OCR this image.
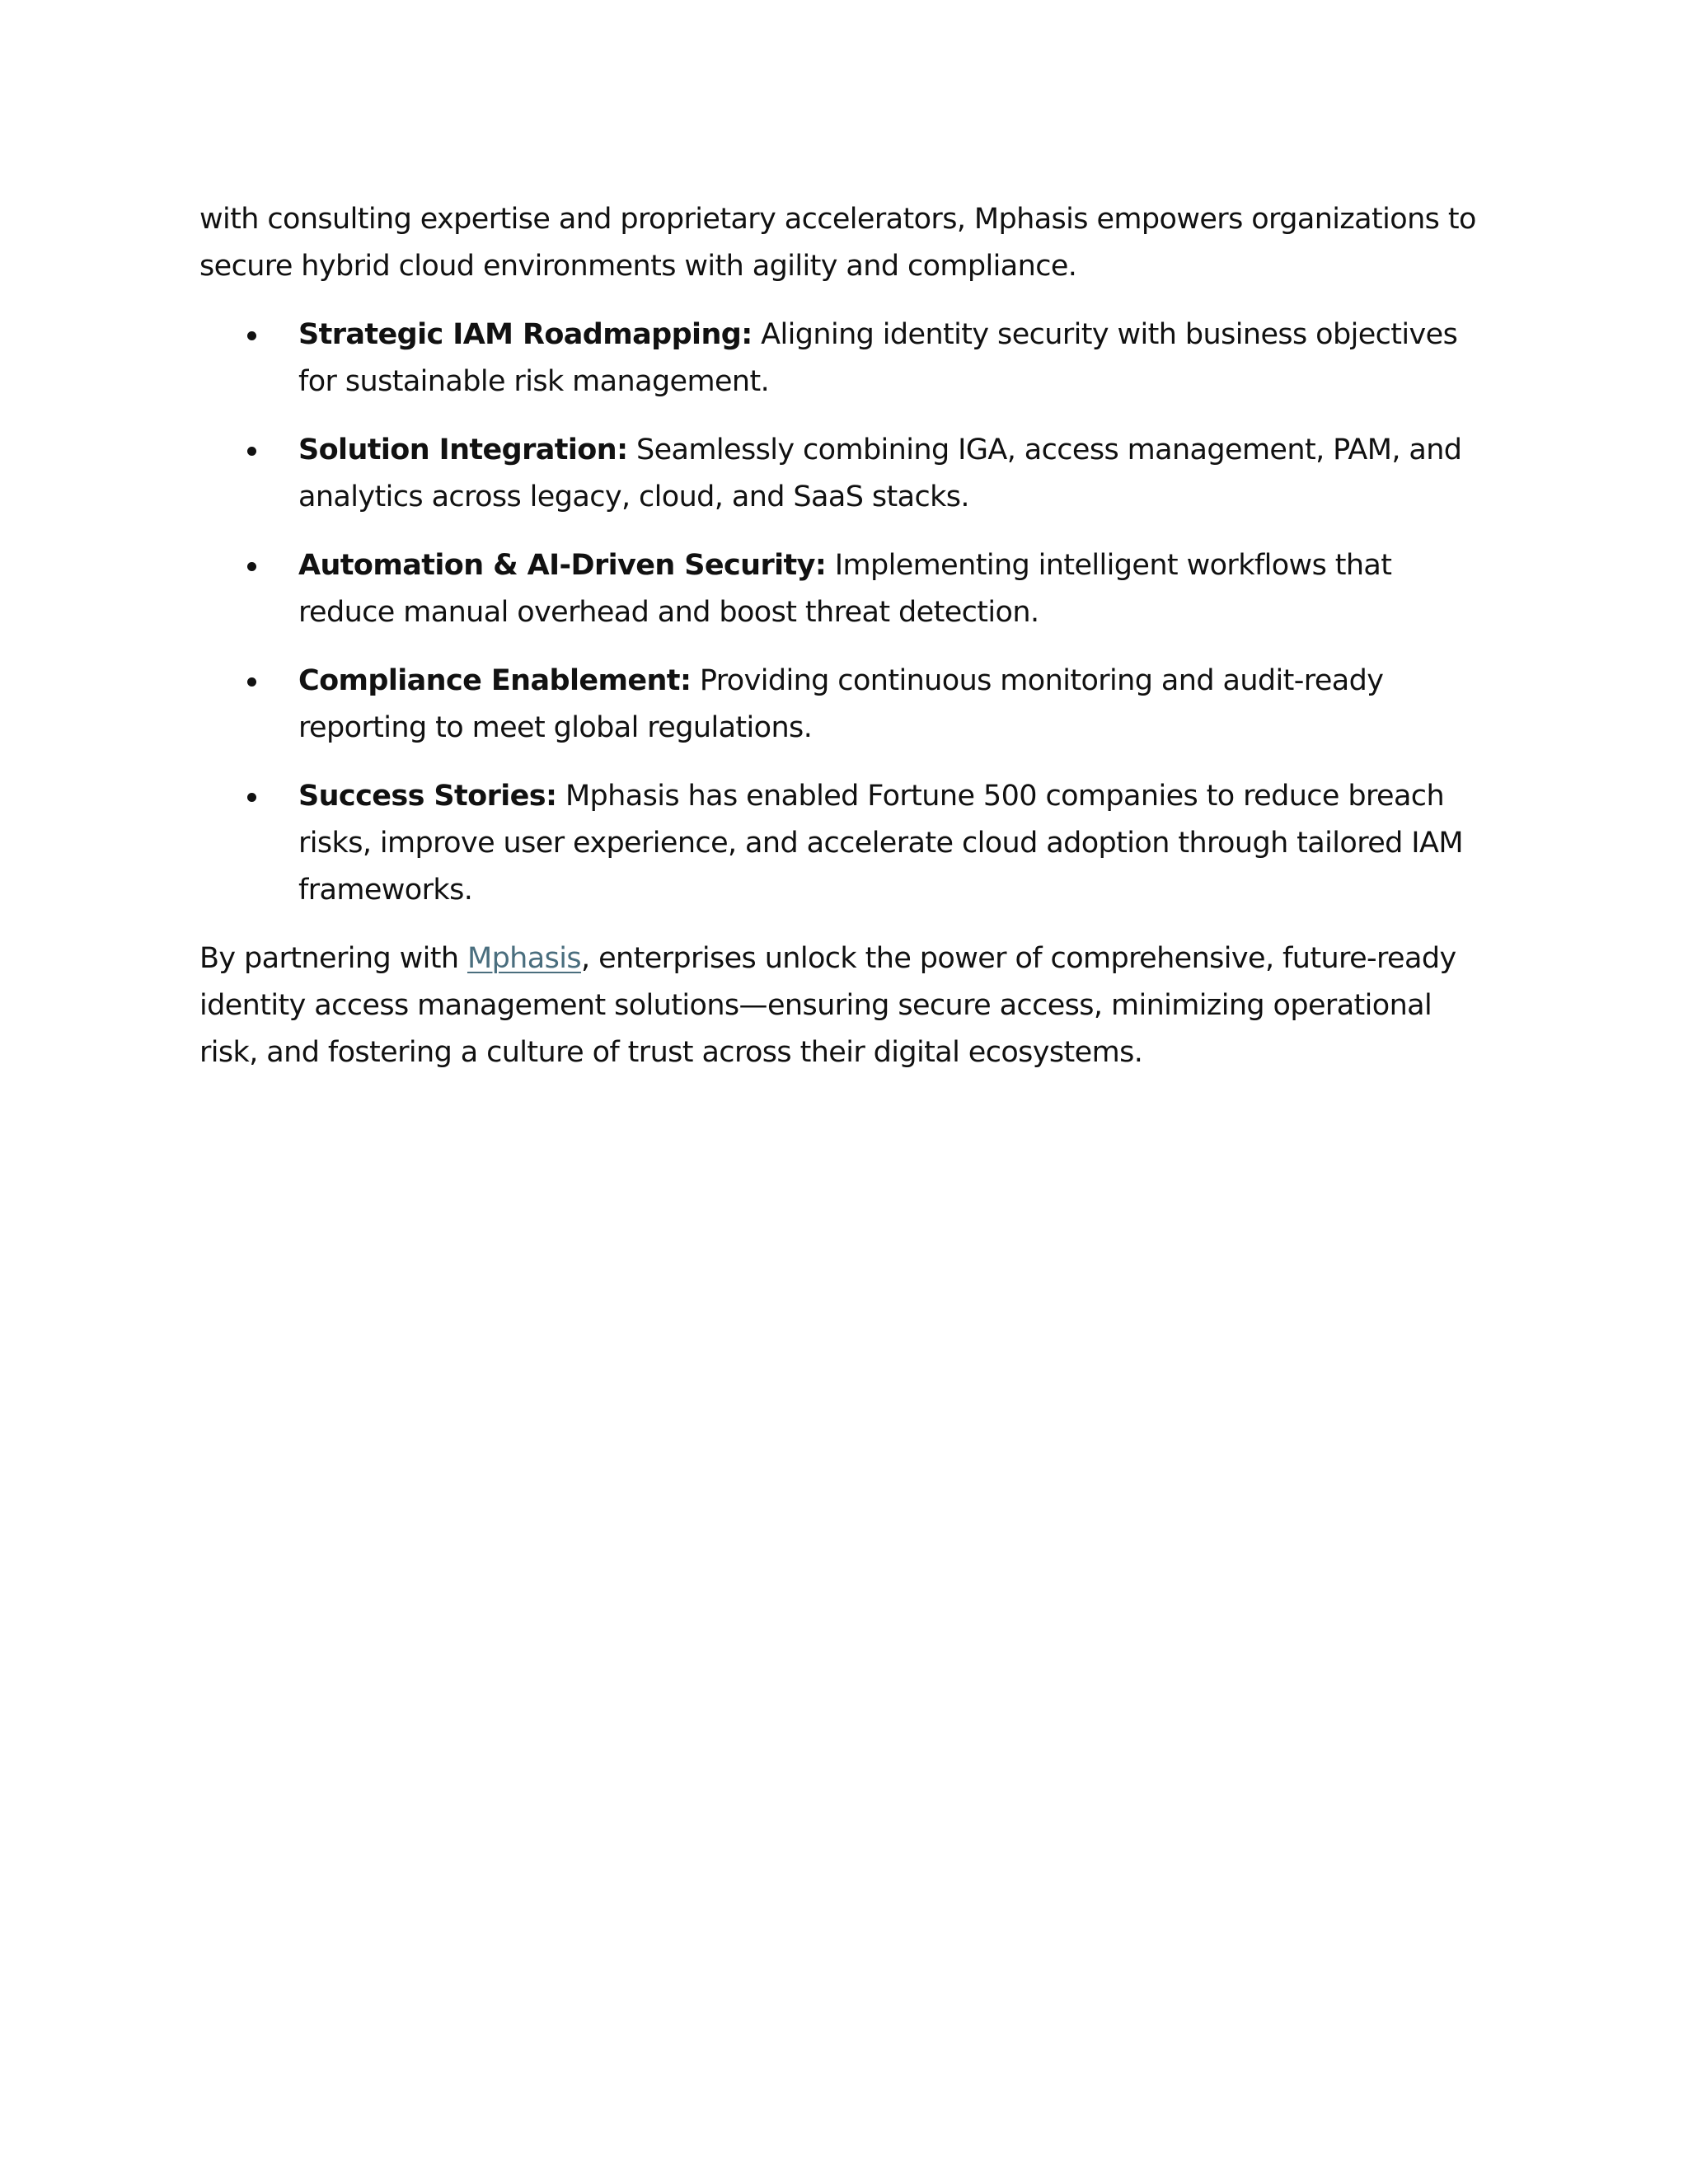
with consulting expertise and proprietary accelerators, Mphasis empowers organizations to secure hybrid cloud environments with agility and compliance.

Strategic IAM Roadmapping: Aligning identity security with business objectives for sustainable risk management.
Solution Integration: Seamlessly combining IGA, access management, PAM, and analytics across legacy, cloud, and SaaS stacks.
Automation & AI-Driven Security: Implementing intelligent workflows that reduce manual overhead and boost threat detection.
Compliance Enablement: Providing continuous monitoring and audit-ready reporting to meet global regulations.
Success Stories: Mphasis has enabled Fortune 500 companies to reduce breach risks, improve user experience, and accelerate cloud adoption through tailored IAM frameworks.

By partnering with Mphasis, enterprises unlock the power of comprehensive, future-ready identity access management solutions—ensuring secure access, minimizing operational risk, and fostering a culture of trust across their digital ecosystems.
